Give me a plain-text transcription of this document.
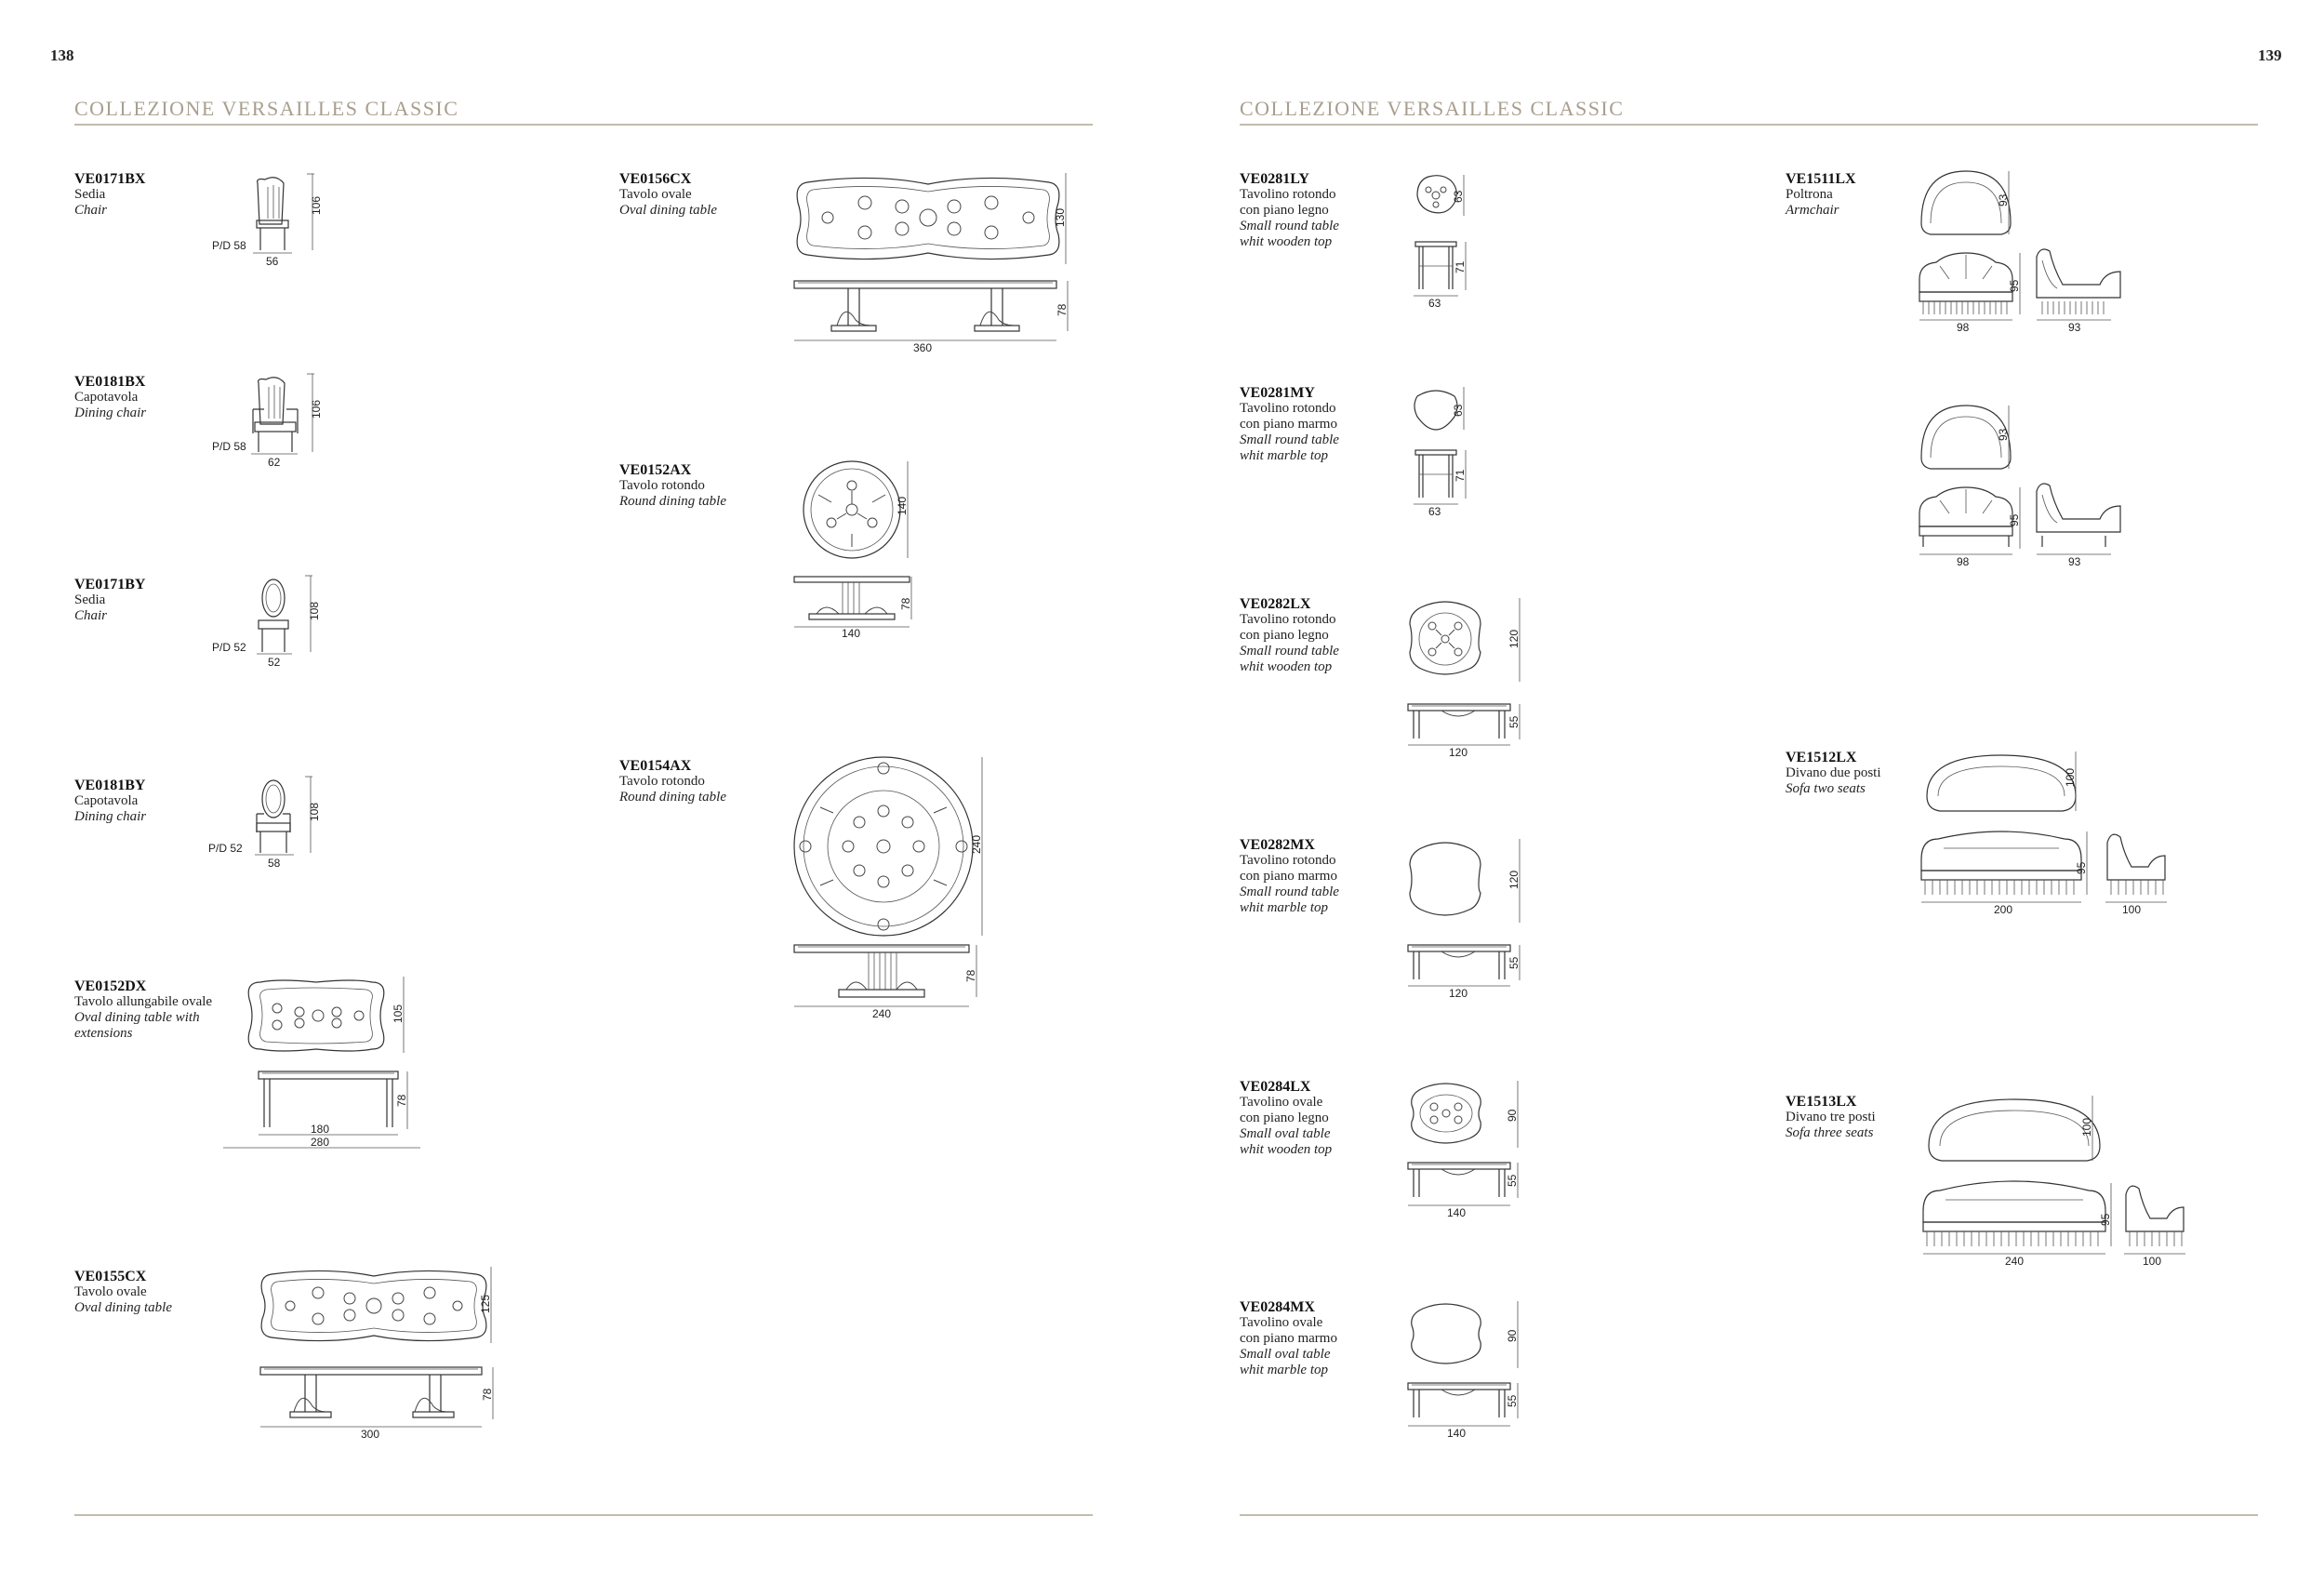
138
COLLEZIONE VERSAILLES CLASSIC
VE0171BX
Sedia
Chair	106
56
P/D 58
VE0181BX
Capotavola
Dining chair	106
62
P/D 58
VE0171BY
Sedia
Chair	108
52
P/D 52
VE0181BY
Capotavola
Dining chair	108
58
P/D 52
VE0152DX
Tavolo allungabile ovale
Oval dining table with extensions
105
78
180
280
VE0155CX
Tavolo ovale
Oval dining table	125
78
300
VE0156CX
Tavolo ovale
Oval dining table	130
78
360
VE0152AX
Tavolo rotondo
Round dining table	140
78
140
VE0154AX
Tavolo rotondo
Round dining table
240
78
240
139
COLLEZIONE VERSAILLES CLASSIC
VE0281LY
Tavolino rotondo
con piano legno
Small round table
whit wooden top
63
71
63
VE0281MY
Tavolino rotondo
con piano marmo
Small round table
whit marble top
63
71
63
VE0282LX
Tavolino rotondo
con piano legno
Small round table
whit wooden top
120
55
120
VE0282MX
Tavolino rotondo
con piano marmo
Small round table
whit marble top
120
55
120
VE0284LX
Tavolino ovale
con piano legno
Small oval table
whit wooden top
90
55
140
VE0284MX
Tavolino ovale
con piano marmo
Small oval table
whit marble top
90
55
140
VE1511LX
Poltrona
Armchair
93
95
98	93
93
95
98	93
VE1512LX
Divano due posti
Sofa two seats
100
95
200	100
VE1513LX
Divano tre posti
Sofa three seats	100
95
240	100
